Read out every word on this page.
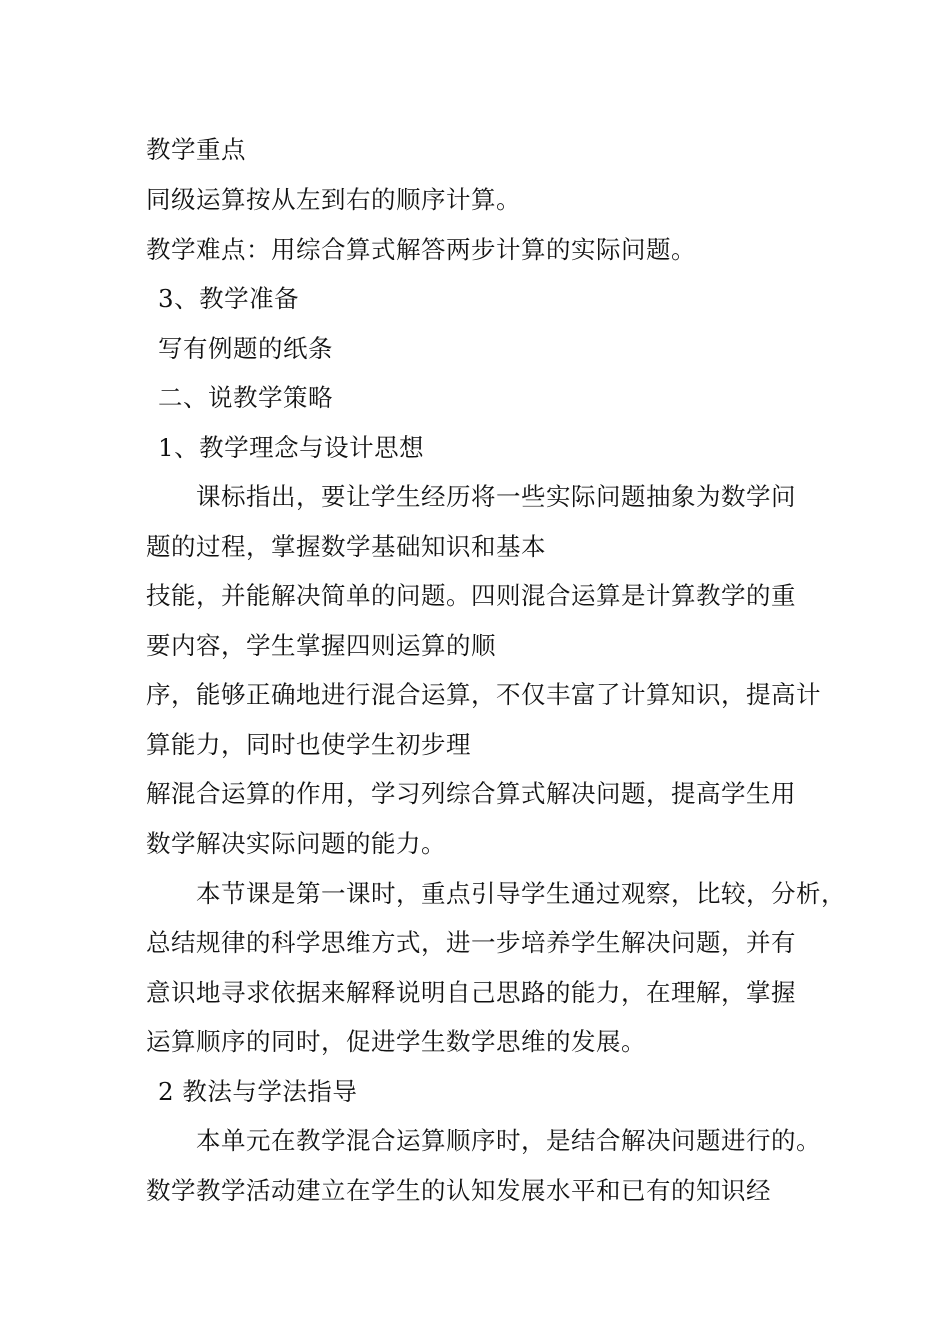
教学重点
同级运算按从左到右的顺序计算。
教学难点：用综合算式解答两步计算的实际问题。
3、教学准备
写有例题的纸条
二、说教学策略
1、教学理念与设计思想
课标指出，要让学生经历将一些实际问题抽象为数学问
题的过程，掌握数学基础知识和基本
技能，并能解决简单的问题。四则混合运算是计算教学的重
要内容，学生掌握四则运算的顺
序，能够正确地进行混合运算，不仅丰富了计算知识，提高计
算能力，同时也使学生初步理
解混合运算的作用，学习列综合算式解决问题，提高学生用
数学解决实际问题的能力。
本节课是第一课时，重点引导学生通过观察，比较，分析，
总结规律的科学思维方式，进一步培养学生解决问题，并有
意识地寻求依据来解释说明自己思路的能力，在理解，掌握
运算顺序的同时，促进学生数学思维的发展。
2 教法与学法指导
本单元在教学混合运算顺序时，是结合解决问题进行的。
数学教学活动建立在学生的认知发展水平和已有的知识经
